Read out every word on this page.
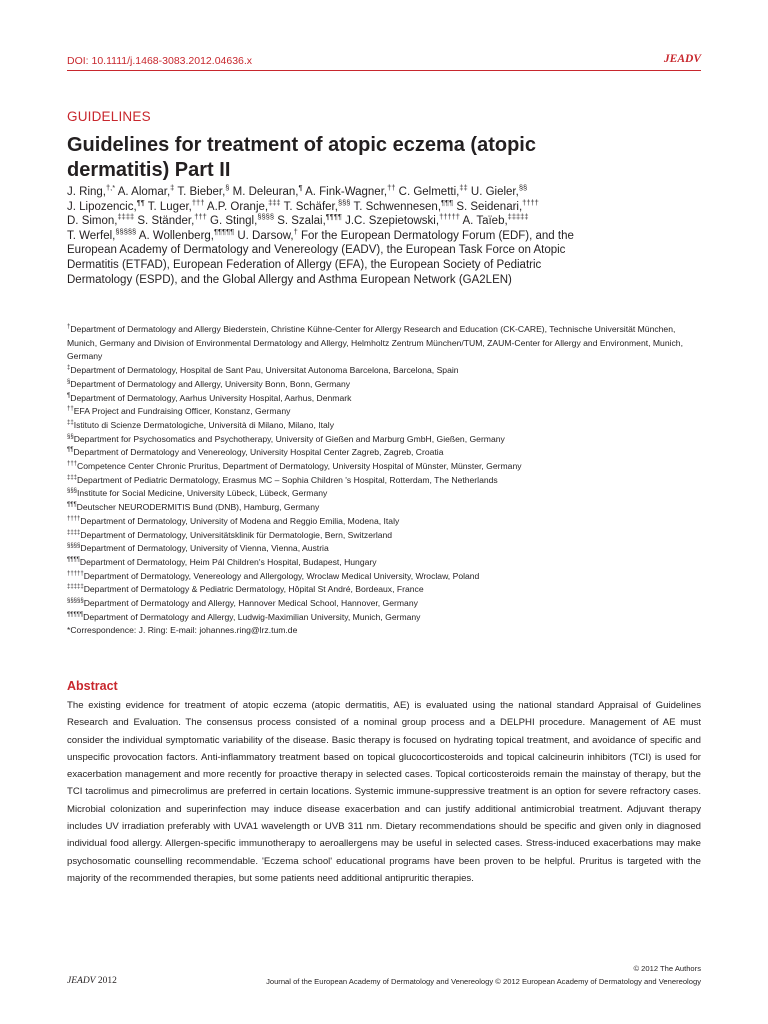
DOI: 10.1111/j.1468-3083.2012.04636.x	JEADV
GUIDELINES
Guidelines for treatment of atopic eczema (atopic dermatitis) Part II
J. Ring,†,* A. Alomar,‡ T. Bieber,§ M. Deleuran,¶ A. Fink-Wagner,†† C. Gelmetti,‡‡ U. Gieler,§§
J. Lipozencic,¶¶ T. Luger,††† A.P. Oranje,‡‡‡ T. Schäfer,§§§ T. Schwennesen,¶¶¶ S. Seidenari,††††
D. Simon,‡‡‡‡ S. Ständer,††† G. Stingl,§§§§ S. Szalai,¶¶¶¶ J.C. Szepietowski,††††† A. Taïeb,‡‡‡‡‡
T. Werfel,§§§§§ A. Wollenberg,¶¶¶¶¶ U. Darsow,† For the European Dermatology Forum (EDF), and the
European Academy of Dermatology and Venereology (EADV), the European Task Force on Atopic
Dermatitis (ETFAD), European Federation of Allergy (EFA), the European Society of Pediatric
Dermatology (ESPD), and the Global Allergy and Asthma European Network (GA2LEN)
†Department of Dermatology and Allergy Biederstein, Christine Kühne-Center for Allergy Research and Education (CK-CARE), Technische Universität München, Munich, Germany and Division of Environmental Dermatology and Allergy, Helmholtz Zentrum München/TUM, ZAUM-Center for Allergy and Environment, Munich, Germany
‡Department of Dermatology, Hospital de Sant Pau, Universitat Autonoma Barcelona, Barcelona, Spain
§Department of Dermatology and Allergy, University Bonn, Bonn, Germany
¶Department of Dermatology, Aarhus University Hospital, Aarhus, Denmark
††EFA Project and Fundraising Officer, Konstanz, Germany
‡‡Istituto di Scienze Dermatologiche, Università di Milano, Milano, Italy
§§Department for Psychosomatics and Psychotherapy, University of Gießen and Marburg GmbH, Gießen, Germany
¶¶Department of Dermatology and Venereology, University Hospital Center Zagreb, Zagreb, Croatia
†††Competence Center Chronic Pruritus, Department of Dermatology, University Hospital of Münster, Münster, Germany
‡‡‡Department of Pediatric Dermatology, Erasmus MC – Sophia Children 's Hospital, Rotterdam, The Netherlands
§§§Institute for Social Medicine, University Lübeck, Lübeck, Germany
¶¶¶Deutscher NEURODERMITIS Bund (DNB), Hamburg, Germany
††††Department of Dermatology, University of Modena and Reggio Emilia, Modena, Italy
‡‡‡‡Department of Dermatology, Universitätsklinik für Dermatologie, Bern, Switzerland
§§§§Department of Dermatology, University of Vienna, Vienna, Austria
¶¶¶¶Department of Dermatology, Heim Pál Children's Hospital, Budapest, Hungary
†††††Department of Dermatology, Venereology and Allergology, Wroclaw Medical University, Wroclaw, Poland
‡‡‡‡‡Department of Dermatology & Pediatric Dermatology, Hôpital St André, Bordeaux, France
§§§§§Department of Dermatology and Allergy, Hannover Medical School, Hannover, Germany
¶¶¶¶¶Department of Dermatology and Allergy, Ludwig-Maximilian University, Munich, Germany
*Correspondence: J. Ring: E-mail: johannes.ring@lrz.tum.de
Abstract
The existing evidence for treatment of atopic eczema (atopic dermatitis, AE) is evaluated using the national standard Appraisal of Guidelines Research and Evaluation. The consensus process consisted of a nominal group process and a DELPHI procedure. Management of AE must consider the individual symptomatic variability of the disease. Basic therapy is focused on hydrating topical treatment, and avoidance of specific and unspecific provocation factors. Anti-inflammatory treatment based on topical glucocorticosteroids and topical calcineurin inhibitors (TCI) is used for exacerbation management and more recently for proactive therapy in selected cases. Topical corticosteroids remain the mainstay of therapy, but the TCI tacrolimus and pimecrolimus are preferred in certain locations. Systemic immune-suppressive treatment is an option for severe refractory cases. Microbial colonization and superinfection may induce disease exacerbation and can justify additional antimicrobial treatment. Adjuvant therapy includes UV irradiation preferably with UVA1 wavelength or UVB 311 nm. Dietary recommendations should be specific and given only in diagnosed individual food allergy. Allergen-specific immunotherapy to aeroallergens may be useful in selected cases. Stress-induced exacerbations may make psychosomatic counselling recommendable. 'Eczema school' educational programs have been proven to be helpful. Pruritus is targeted with the majority of the recommended therapies, but some patients need additional antipruritic therapies.
© 2012 The Authors
JEADV 2012	Journal of the European Academy of Dermatology and Venereology © 2012 European Academy of Dermatology and Venereology
